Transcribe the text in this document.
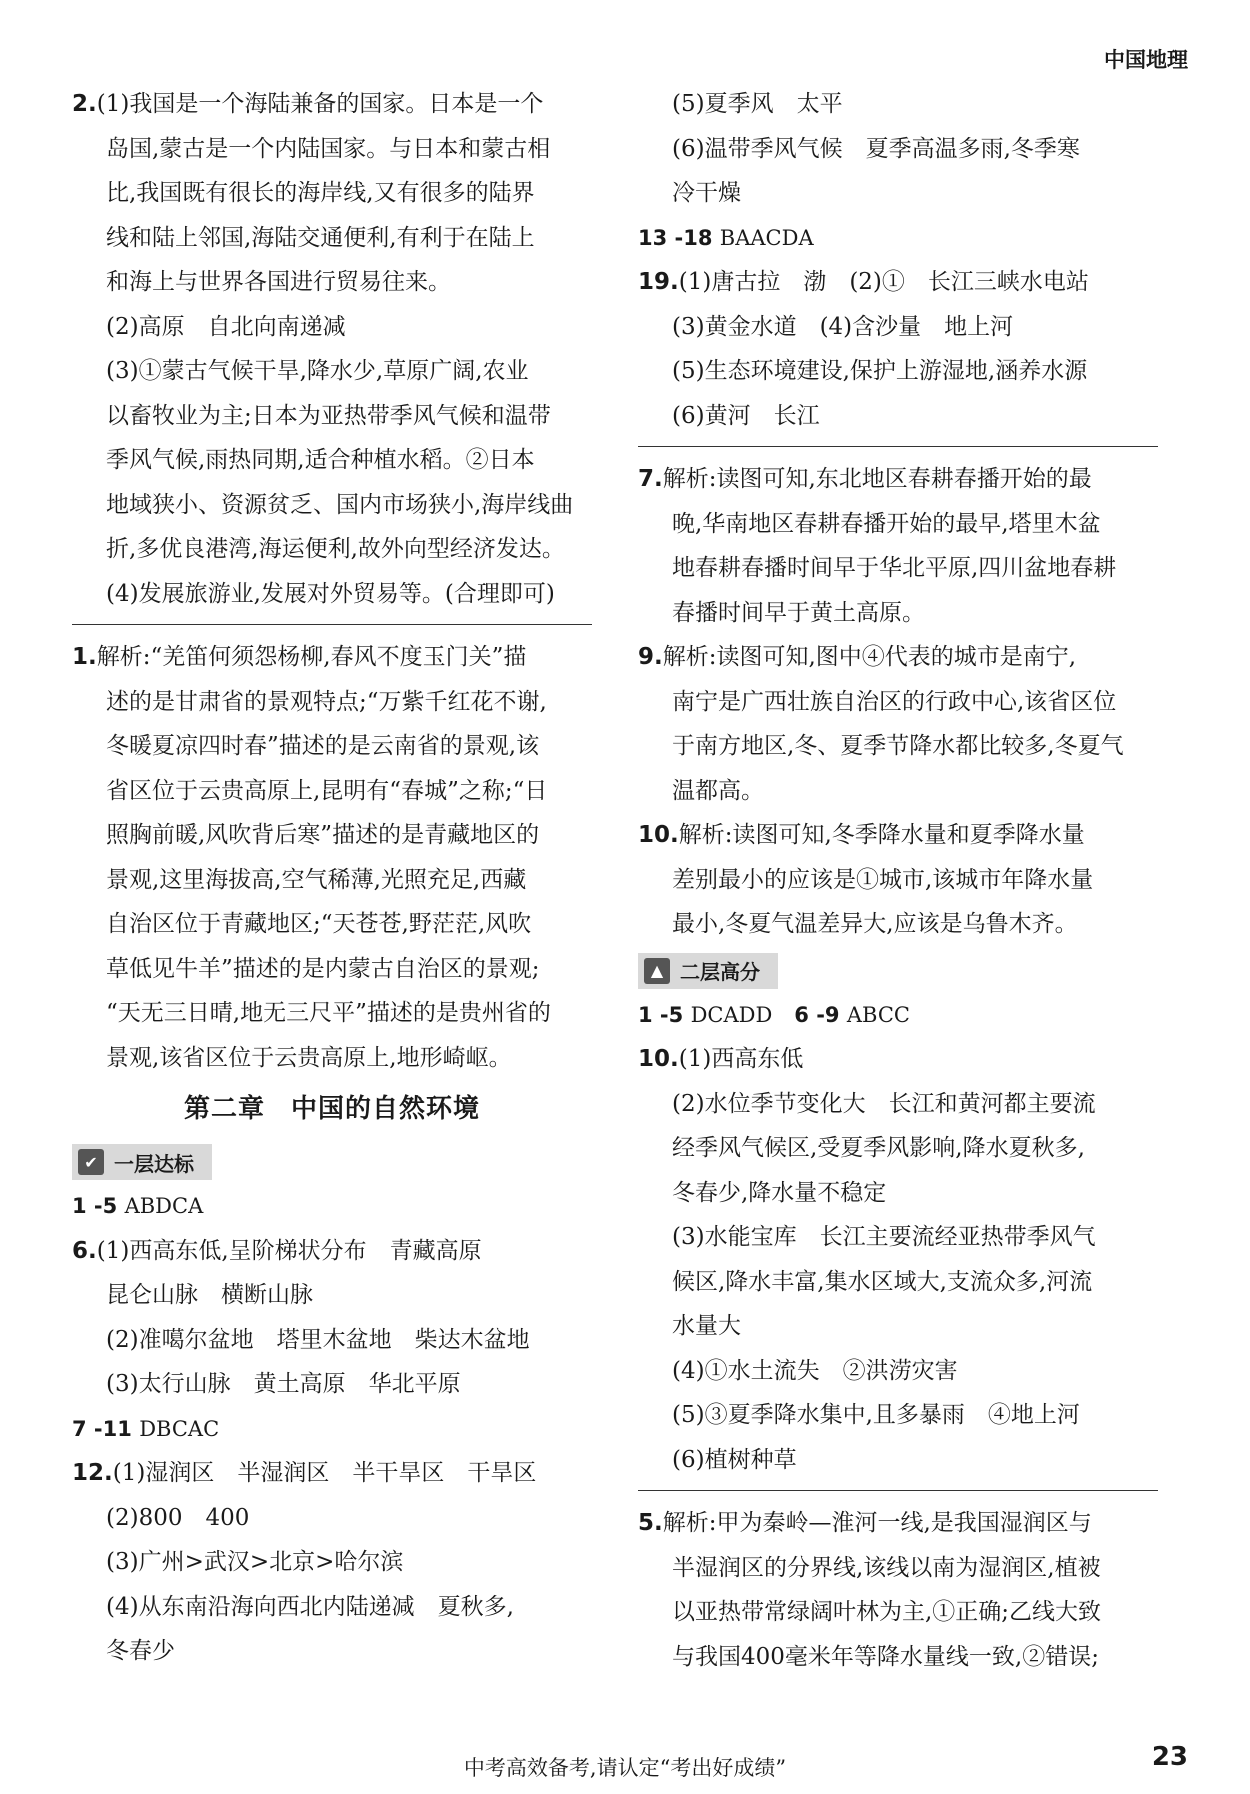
中国地理
2.(1)我国是一个海陆兼备的国家。日本是一个
岛国,蒙古是一个内陆国家。与日本和蒙古相
比,我国既有很长的海岸线,又有很多的陆界
线和陆上邻国,海陆交通便利,有利于在陆上
和海上与世界各国进行贸易往来。
(2)高原　自北向南递减
(3)①蒙古气候干旱,降水少,草原广阔,农业
以畜牧业为主;日本为亚热带季风气候和温带
季风气候,雨热同期,适合种植水稻。②日本
地域狭小、资源贫乏、国内市场狭小,海岸线曲
折,多优良港湾,海运便利,故外向型经济发达。
(4)发展旅游业,发展对外贸易等。(合理即可)
1.解析:“羌笛何须怨杨柳,春风不度玉门关”描
述的是甘肃省的景观特点;“万紫千红花不谢,
冬暖夏凉四时春”描述的是云南省的景观,该
省区位于云贵高原上,昆明有“春城”之称;“日
照胸前暖,风吹背后寒”描述的是青藏地区的
景观,这里海拔高,空气稀薄,光照充足,西藏
自治区位于青藏地区;“天苍苍,野茫茫,风吹
草低见牛羊”描述的是内蒙古自治区的景观;
“天无三日晴,地无三尺平”描述的是贵州省的
景观,该省区位于云贵高原上,地形崎岖。
第二章 中国的自然环境
✔ 一层达标
1 -5 ABDCA
6.(1)西高东低,呈阶梯状分布　青藏高原
昆仑山脉　横断山脉
(2)准噶尔盆地　塔里木盆地　柴达木盆地
(3)太行山脉　黄土高原　华北平原
7 -11 DBCAC
12.(1)湿润区　半湿润区　半干旱区　干旱区
(2)800　400
(3)广州>武汉>北京>哈尔滨
(4)从东南沿海向西北内陆递减　夏秋多,
冬春少
(5)夏季风　太平
(6)温带季风气候　夏季高温多雨,冬季寒
冷干燥
13 -18 BAACDA
19.(1)唐古拉　渤　(2)①　长江三峡水电站
(3)黄金水道　(4)含沙量　地上河
(5)生态环境建设,保护上游湿地,涵养水源
(6)黄河　长江
7.解析:读图可知,东北地区春耕春播开始的最
晚,华南地区春耕春播开始的最早,塔里木盆
地春耕春播时间早于华北平原,四川盆地春耕
春播时间早于黄土高原。
9.解析:读图可知,图中④代表的城市是南宁,
南宁是广西壮族自治区的行政中心,该省区位
于南方地区,冬、夏季节降水都比较多,冬夏气
温都高。
10.解析:读图可知,冬季降水量和夏季降水量
差别最小的应该是①城市,该城市年降水量
最小,冬夏气温差异大,应该是乌鲁木齐。
▲ 二层高分
1 -5 DCADD 6 -9 ABCC
10.(1)西高东低
(2)水位季节变化大　长江和黄河都主要流
经季风气候区,受夏季风影响,降水夏秋多,
冬春少,降水量不稳定
(3)水能宝库　长江主要流经亚热带季风气
候区,降水丰富,集水区域大,支流众多,河流
水量大
(4)①水土流失　②洪涝灾害
(5)③夏季降水集中,且多暴雨　④地上河
(6)植树种草
5.解析:甲为秦岭—淮河一线,是我国湿润区与
半湿润区的分界线,该线以南为湿润区,植被
以亚热带常绿阔叶林为主,①正确;乙线大致
与我国400毫米年等降水量线一致,②错误;
中考高效备考,请认定“考出好成绩”	23
